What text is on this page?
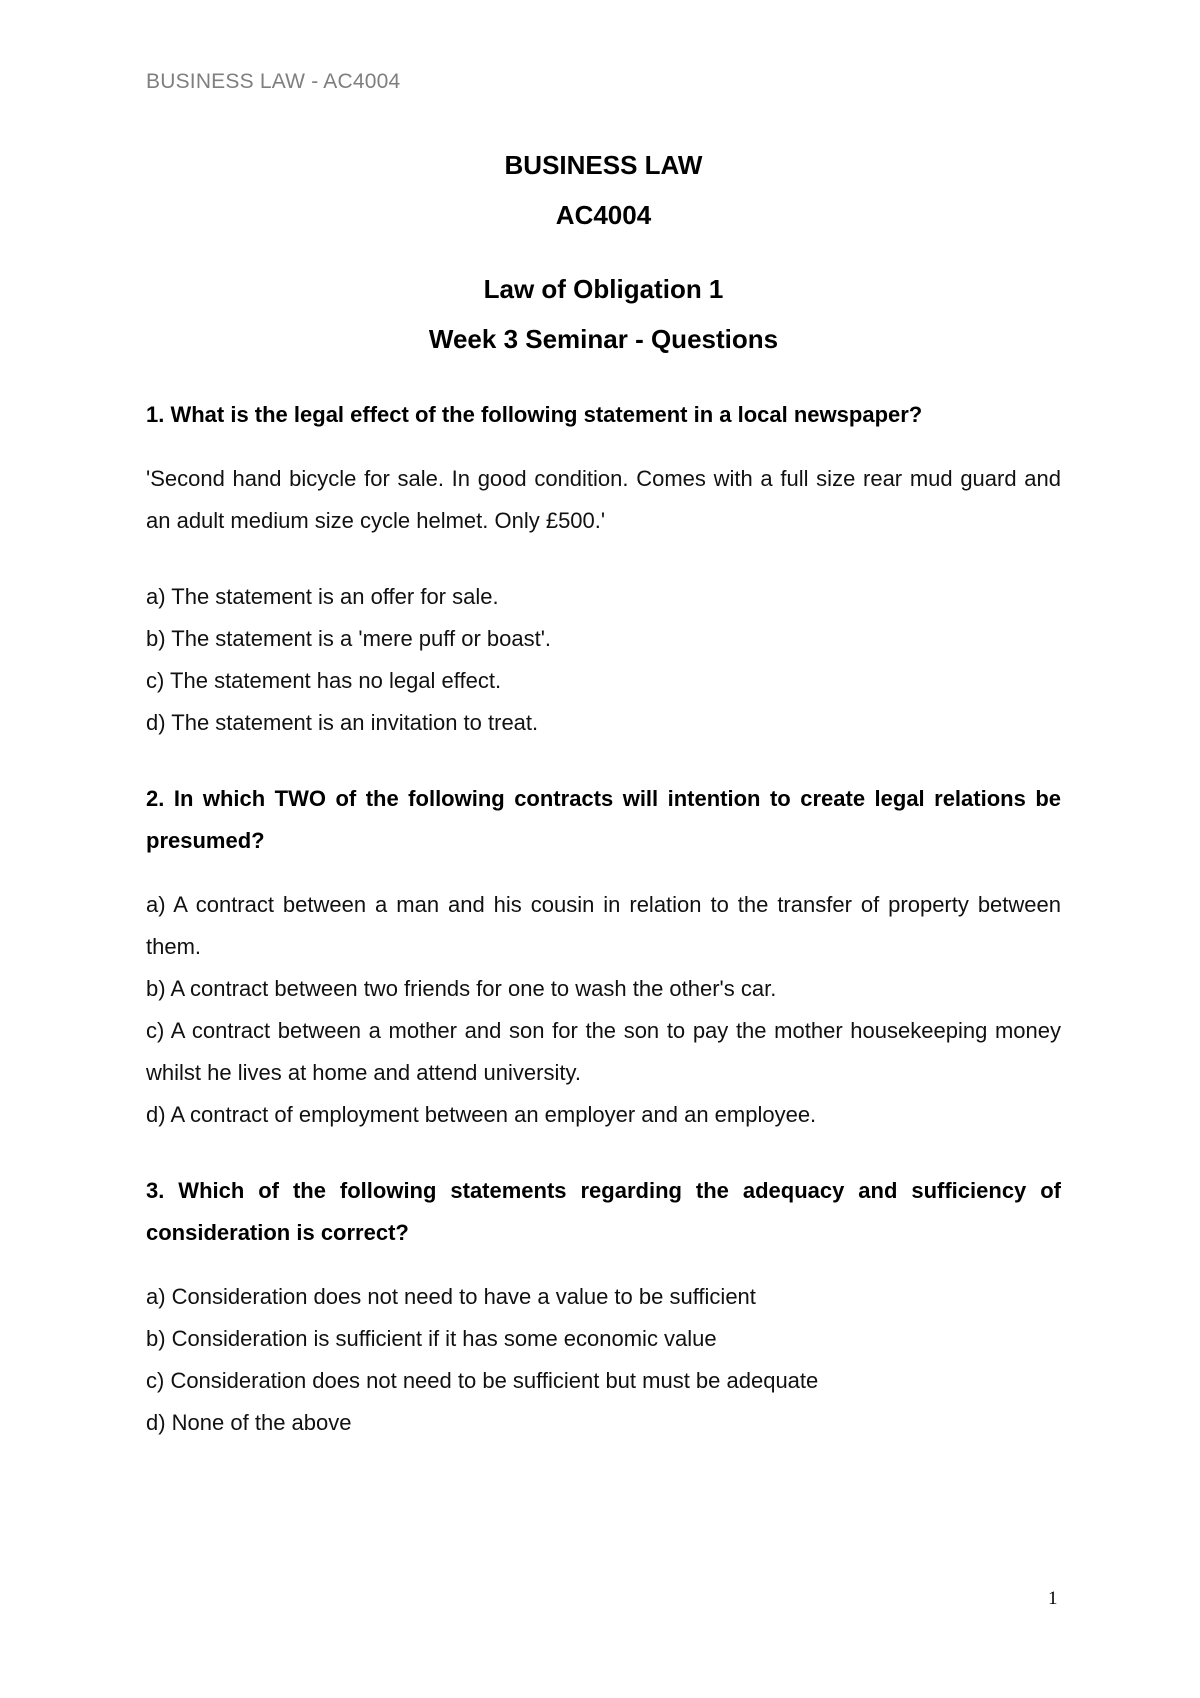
BUSINESS LAW - AC4004
BUSINESS LAW
AC4004
Law of Obligation 1
Week 3 Seminar - Questions

1. What is the legal effect of the following statement in a local newspaper?

'Second hand bicycle for sale. In good condition. Comes with a full size rear mud guard and an adult medium size cycle helmet. Only £500.'

a) The statement is an offer for sale.
b) The statement is a 'mere puff or boast'.
c) The statement has no legal effect.
d) The statement is an invitation to treat.

2. In which TWO of the following contracts will intention to create legal relations be presumed?

a) A contract between a man and his cousin in relation to the transfer of property between them.
b) A contract between two friends for one to wash the other's car.
c) A contract between a mother and son for the son to pay the mother housekeeping money whilst he lives at home and attend university.
d) A contract of employment between an employer and an employee.

3. Which of the following statements regarding the adequacy and sufficiency of consideration is correct?

a) Consideration does not need to have a value to be sufficient
b) Consideration is sufficient if it has some economic value
c) Consideration does not need to be sufficient but must be adequate
d) None of the above
1
